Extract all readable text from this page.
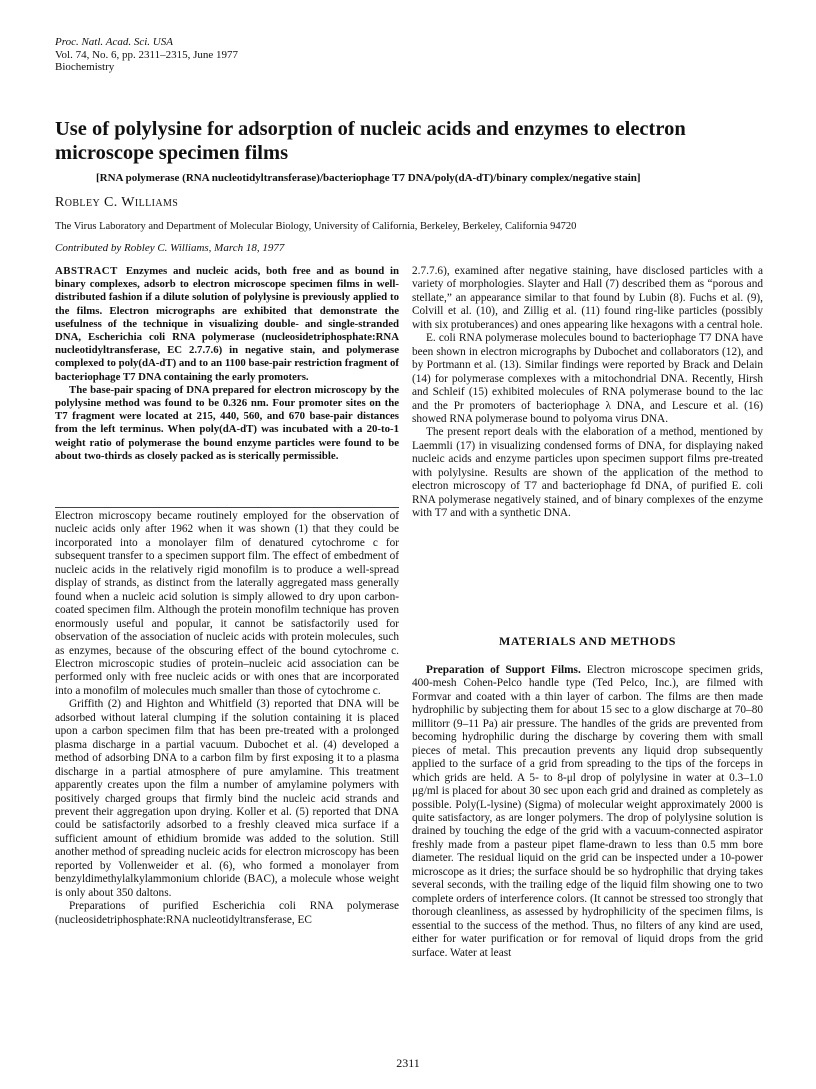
Proc. Natl. Acad. Sci. USA
Vol. 74, No. 6, pp. 2311–2315, June 1977
Biochemistry
Use of polylysine for adsorption of nucleic acids and enzymes to electron microscope specimen films
[RNA polymerase (RNA nucleotidyltransferase)/bacteriophage T7 DNA/poly(dA-dT)/binary complex/negative stain]
Robley C. Williams
The Virus Laboratory and Department of Molecular Biology, University of California, Berkeley, Berkeley, California 94720
Contributed by Robley C. Williams, March 18, 1977

ABSTRACT Enzymes and nucleic acids, both free and as bound in binary complexes, adsorb to electron microscope specimen films in well-distributed fashion if a dilute solution of polylysine is previously applied to the films. Electron micrographs are exhibited that demonstrate the usefulness of the technique in visualizing double- and single-stranded DNA, Escherichia coli RNA polymerase (nucleosidetriphosphate:RNA nucleotidyltransferase, EC 2.7.7.6) in negative stain, and polymerase complexed to poly(dA-dT) and to an 1100 base-pair restriction fragment of bacteriophage T7 DNA containing the early promoters.

The base-pair spacing of DNA prepared for electron microscopy by the polylysine method was found to be 0.326 nm. Four promoter sites on the T7 fragment were located at 215, 440, 560, and 670 base-pair distances from the left terminus. When poly(dA-dT) was incubated with a 20-to-1 weight ratio of polymerase the bound enzyme particles were found to be about two-thirds as closely packed as is sterically permissible.

Electron microscopy became routinely employed for the observation of nucleic acids only after 1962 when it was shown (1) that they could be incorporated into a monolayer film of denatured cytochrome c for subsequent transfer to a specimen support film. The effect of embedment of nucleic acids in the relatively rigid monofilm is to produce a well-spread display of strands, as distinct from the laterally aggregated mass generally found when a nucleic acid solution is simply allowed to dry upon carbon-coated specimen film. Although the protein monofilm technique has proven enormously useful and popular, it cannot be satisfactorily used for observation of the association of nucleic acids with protein molecules, such as enzymes, because of the obscuring effect of the bound cytochrome c. Electron microscopic studies of protein–nucleic acid association can be performed only with free nucleic acids or with ones that are incorporated into a monofilm of molecules much smaller than those of cytochrome c.

Griffith (2) and Highton and Whitfield (3) reported that DNA will be adsorbed without lateral clumping if the solution containing it is placed upon a carbon specimen film that has been pre-treated with a prolonged plasma discharge in a partial vacuum. Dubochet et al. (4) developed a method of adsorbing DNA to a carbon film by first exposing it to a plasma discharge in a partial atmosphere of pure amylamine. This treatment apparently creates upon the film a number of amylamine polymers with positively charged groups that firmly bind the nucleic acid strands and prevent their aggregation upon drying. Koller et al. (5) reported that DNA could be satisfactorily adsorbed to a freshly cleaved mica surface if a sufficient amount of ethidium bromide was added to the solution. Still another method of spreading nucleic acids for electron microscopy has been reported by Vollenweider et al. (6), who formed a monolayer from benzyldimethylalkylammonium chloride (BAC), a molecule whose weight is only about 350 daltons.

Preparations of purified Escherichia coli RNA polymerase (nucleosidetriphosphate:RNA nucleotidyltransferase, EC

2.7.7.6), examined after negative staining, have disclosed particles with a variety of morphologies. Slayter and Hall (7) described them as “porous and stellate,” an appearance similar to that found by Lubin (8). Fuchs et al. (9), Colvill et al. (10), and Zillig et al. (11) found ring-like particles (possibly with six protuberances) and ones appearing like hexagons with a central hole.

E. coli RNA polymerase molecules bound to bacteriophage T7 DNA have been shown in electron micrographs by Dubochet and collaborators (12), and by Portmann et al. (13). Similar findings were reported by Brack and Delain (14) for polymerase complexes with a mitochondrial DNA. Recently, Hirsh and Schleif (15) exhibited molecules of RNA polymerase bound to the lac and the Pr promoters of bacteriophage λ DNA, and Lescure et al. (16) showed RNA polymerase bound to polyoma virus DNA.

The present report deals with the elaboration of a method, mentioned by Laemmli (17) in visualizing condensed forms of DNA, for displaying naked nucleic acids and enzyme particles upon specimen support films pre-treated with polylysine. Results are shown of the application of the method to electron microscopy of T7 and bacteriophage fd DNA, of purified E. coli RNA polymerase negatively stained, and of binary complexes of the enzyme with T7 and with a synthetic DNA.

MATERIALS AND METHODS

Preparation of Support Films. Electron microscope specimen grids, 400-mesh Cohen-Pelco handle type (Ted Pelco, Inc.), are filmed with Formvar and coated with a thin layer of carbon. The films are then made hydrophilic by subjecting them for about 15 sec to a glow discharge at 70–80 millitorr (9–11 Pa) air pressure. The handles of the grids are prevented from becoming hydrophilic during the discharge by covering them with small pieces of metal. This precaution prevents any liquid drop subsequently applied to the surface of a grid from spreading to the tips of the forceps in which grids are held. A 5- to 8-μl drop of polylysine in water at 0.3–1.0 μg/ml is placed for about 30 sec upon each grid and drained as completely as possible. Poly(L-lysine) (Sigma) of molecular weight approximately 2000 is quite satisfactory, as are longer polymers. The drop of polylysine solution is drained by touching the edge of the grid with a vacuum-connected aspirator freshly made from a pasteur pipet flame-drawn to less than 0.5 mm bore diameter. The residual liquid on the grid can be inspected under a 10-power microscope as it dries; the surface should be so hydrophilic that drying takes several seconds, with the trailing edge of the liquid film showing one to two complete orders of interference colors. (It cannot be stressed too strongly that thorough cleanliness, as assessed by hydrophilicity of the specimen films, is essential to the success of the method. Thus, no filters of any kind are used, either for water purification or for removal of liquid drops from the grid surface. Water at least

2311
